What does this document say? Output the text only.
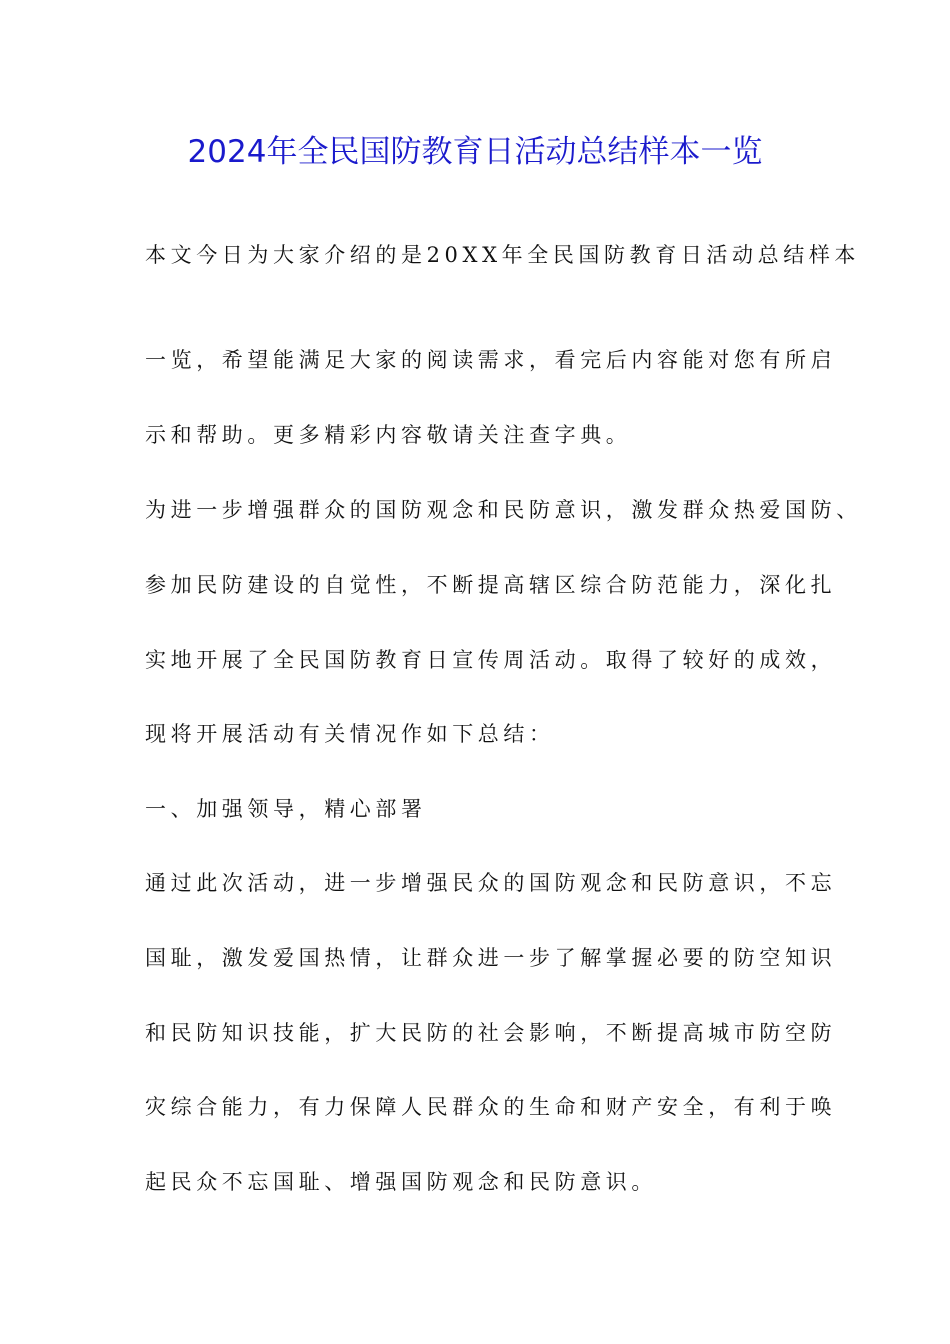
2024年全民国防教育日活动总结样本一览
本文今日为大家介绍的是20XX年全民国防教育日活动总结样本
一览，希望能满足大家的阅读需求，看完后内容能对您有所启
示和帮助。更多精彩内容敬请关注查字典。
为进一步增强群众的国防观念和民防意识，激发群众热爱国防、
参加民防建设的自觉性，不断提高辖区综合防范能力，深化扎
实地开展了全民国防教育日宣传周活动。取得了较好的成效，
现将开展活动有关情况作如下总结：
一、加强领导，精心部署
通过此次活动，进一步增强民众的国防观念和民防意识，不忘
国耻，激发爱国热情，让群众进一步了解掌握必要的防空知识
和民防知识技能，扩大民防的社会影响，不断提高城市防空防
灾综合能力，有力保障人民群众的生命和财产安全，有利于唤
起民众不忘国耻、增强国防观念和民防意识。
